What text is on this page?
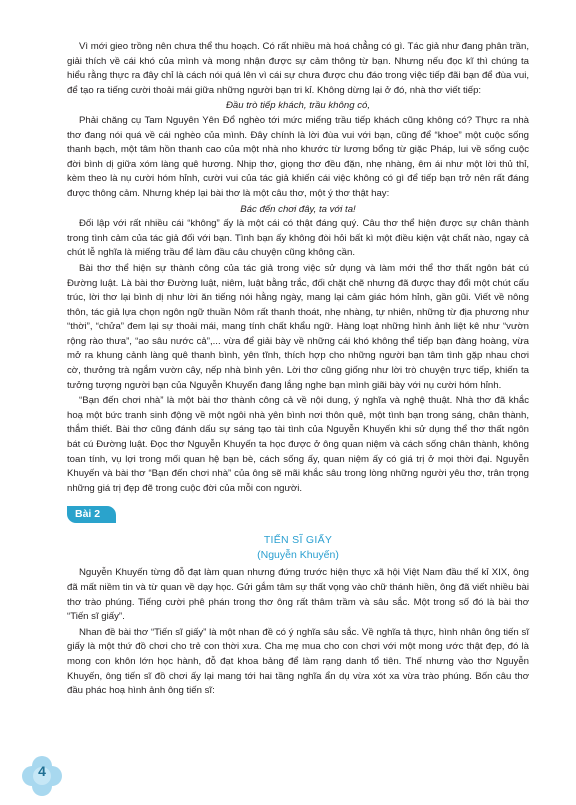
Vì mới gieo trồng nên chưa thể thu hoạch. Có rất nhiều mà hoá chẳng có gì. Tác giả như đang phân trần, giải thích về cái khó của mình và mong nhận được sự cảm thông từ bạn. Nhưng nếu đọc kĩ thì chúng ta hiểu rằng thực ra đây chỉ là cách nói quá lên vì cái sự chưa được chu đáo trong việc tiếp đãi bạn để đùa vui, để tạo ra tiếng cười thoải mái giữa những người bạn tri kỉ. Không dừng lại ở đó, nhà thơ viết tiếp:

Đầu trò tiếp khách, trầu không có,

Phải chăng cụ Tam Nguyên Yên Đổ nghèo tới mức miếng trầu tiếp khách cũng không có? Thực ra nhà thơ đang nói quá về cái nghèo của mình. Đây chính là lời đùa vui với bạn, cũng để “khoe” một cuộc sống thanh bạch, một tâm hồn thanh cao của một nhà nho khước từ lương bổng từ giặc Pháp, lui về sống cuộc đời bình dị giữa xóm làng quê hương. Nhịp thơ, giọng thơ đều đặn, nhẹ nhàng, êm ái như một lời thủ thỉ, kèm theo là nụ cười hóm hỉnh, cười vui của tác giả khiến cái việc không có gì để tiếp bạn trở nên rất đáng được thông cảm. Nhưng khép lại bài thơ là một câu thơ, một ý thơ thật hay:

Bác đến chơi đây, ta với ta!

Đối lập với rất nhiều cái “không” ấy là một cái có thật đáng quý. Câu thơ thể hiện được sự chân thành trong tình cảm của tác giả đối với bạn. Tình bạn ấy không đòi hỏi bất kì một điều kiện vật chất nào, ngay cả chút lễ nghĩa là miếng trầu để làm đầu câu chuyện cũng không cần.

Bài thơ thể hiện sự thành công của tác giả trong việc sử dụng và làm mới thể thơ thất ngôn bát cú Đường luật. Là bài thơ Đường luật, niêm, luật bằng trắc, đối chặt chẽ nhưng đã được thay đổi một chút cấu trúc, lời thơ lại bình dị như lời ăn tiếng nói hằng ngày, mang lại cảm giác hóm hỉnh, gần gũi. Viết về nông thôn, tác giả lựa chọn ngôn ngữ thuần Nôm rất thanh thoát, nhẹ nhàng, tự nhiên, những từ địa phương như “thời”, “chửa” đem lại sự thoải mái, mang tính chất khẩu ngữ. Hàng loạt những hình ảnh liệt kê như “vườn rộng rào thưa”, “ao sâu nước cả”,... vừa để giải bày về những cái khó không thể tiếp bạn đàng hoàng, vừa mở ra khung cảnh làng quê thanh bình, yên tĩnh, thích hợp cho những người bạn tâm tình gặp nhau chơi cờ, thưởng trà ngắm vườn cây, nếp nhà bình yên. Lời thơ cũng giống như lời trò chuyện trực tiếp, khiến ta tưởng tượng người bạn của Nguyễn Khuyến đang lắng nghe bạn mình giãi bày với nụ cười hóm hỉnh.

“Bạn đến chơi nhà” là một bài thơ thành công cả về nội dung, ý nghĩa và nghệ thuật. Nhà thơ đã khắc hoạ một bức tranh sinh động về một ngôi nhà yên bình nơi thôn quê, một tình bạn trong sáng, chân thành, thắm thiết. Bài thơ cũng đánh dấu sự sáng tạo tài tình của Nguyễn Khuyến khi sử dụng thể thơ thất ngôn bát cú Đường luật. Đọc thơ Nguyễn Khuyến ta học được ở ông quan niệm và cách sống chân thành, không toan tính, vụ lợi trong mối quan hệ bạn bè, cách sống ấy, quan niệm ấy có giá trị ở mọi thời đại. Nguyễn Khuyến và bài thơ “Bạn đến chơi nhà” của ông sẽ mãi khắc sâu trong lòng những người yêu thơ, trân trọng những giá trị đẹp đẽ trong cuộc đời của mỗi con người.

Bài 2
TIẾN SĨ GIẤY
(Nguyễn Khuyến)

Nguyễn Khuyến từng đỗ đạt làm quan nhưng đứng trước hiện thực xã hội Việt Nam đầu thế kỉ XIX, ông đã mất niềm tin và từ quan về dạy học. Gửi gắm tâm sự thất vọng vào chữ thánh hiền, ông đã viết nhiều bài thơ trào phúng. Tiếng cười phê phán trong thơ ông rất thâm trầm và sâu sắc. Một trong số đó là bài thơ “Tiến sĩ giấy”.

Nhan đề bài thơ “Tiến sĩ giấy” là một nhan đề có ý nghĩa sâu sắc. Về nghĩa tả thực, hình nhân ông tiến sĩ giấy là một thứ đồ chơi cho trẻ con thời xưa. Cha mẹ mua cho con chơi với một mong ước thật đẹp, đó là mong con khôn lớn học hành, đỗ đạt khoa bảng để làm rạng danh tổ tiên. Thế nhưng vào thơ Nguyễn Khuyến, ông tiến sĩ đồ chơi ấy lại mang tới hai tầng nghĩa ẩn dụ vừa xót xa vừa trào phúng. Bốn câu thơ đầu phác hoạ hình ảnh ông tiến sĩ:

4
